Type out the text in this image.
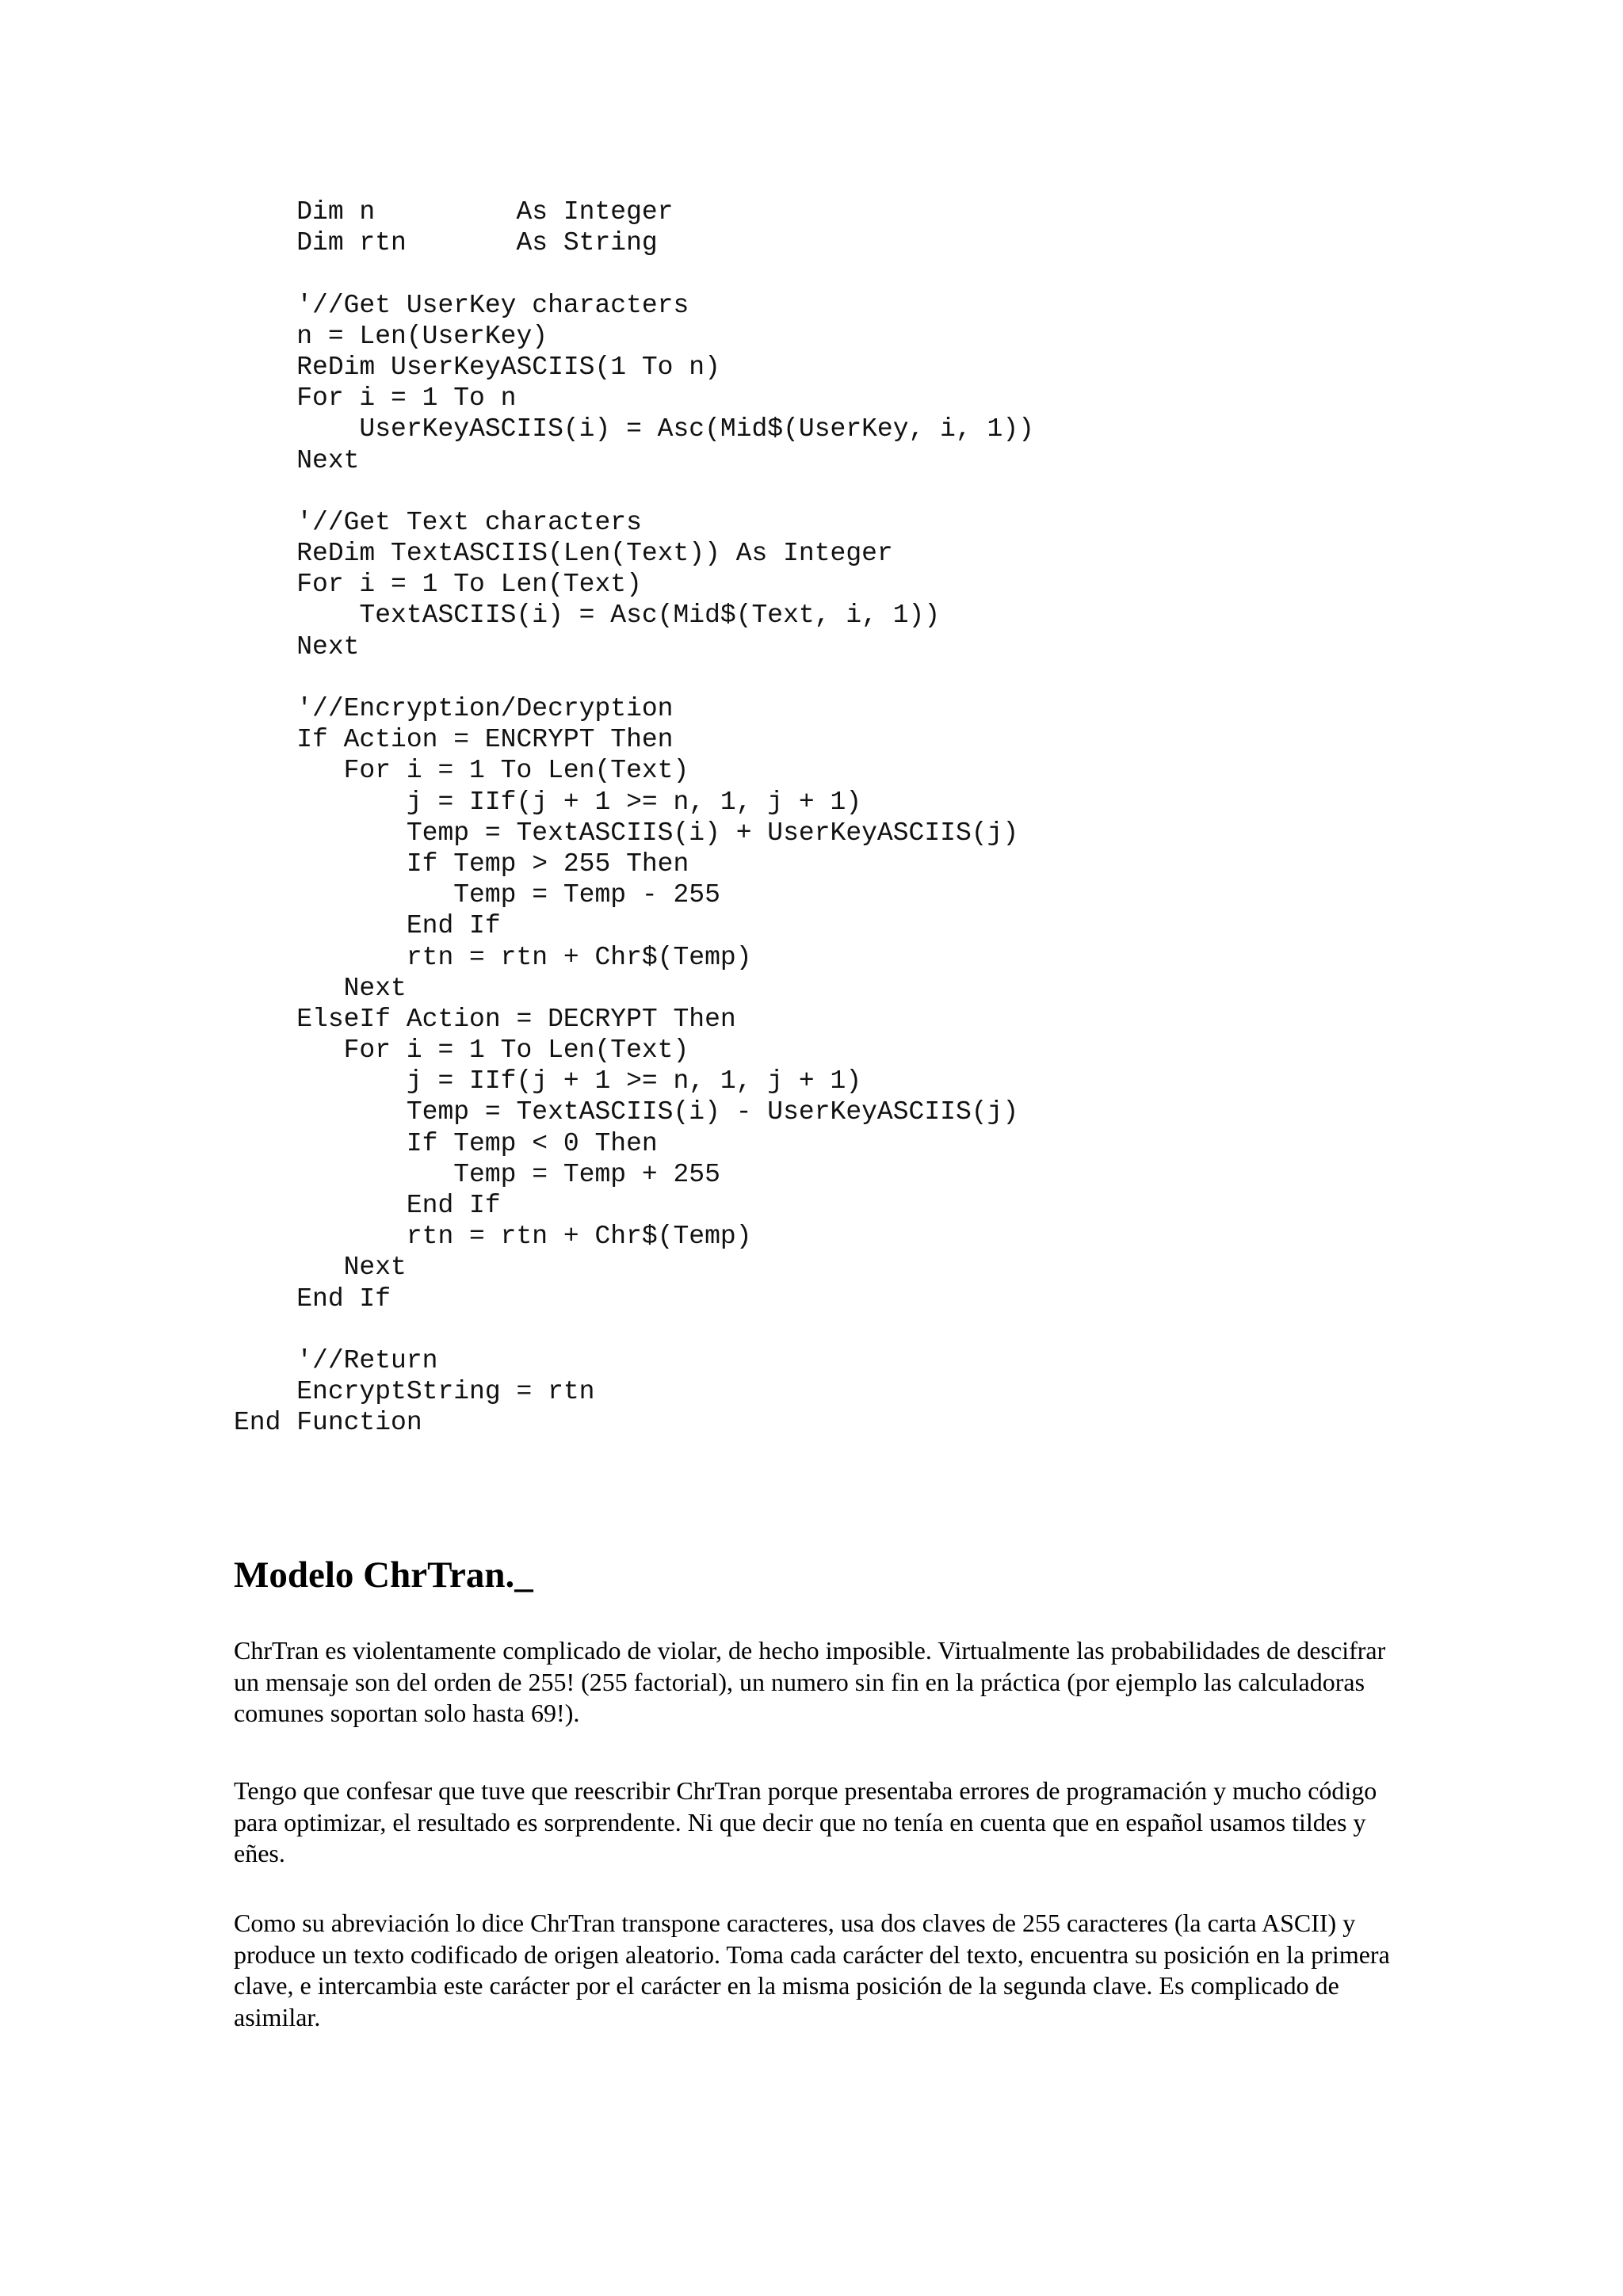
Dim n         As Integer
Dim rtn       As String
'//Get UserKey characters
n = Len(UserKey)
ReDim UserKeyASCIIS(1 To n)
For i = 1 To n
UserKeyASCIIS(i) = Asc(Mid$(UserKey, i, 1))
Next
'//Get Text characters
ReDim TextASCIIS(Len(Text)) As Integer
For i = 1 To Len(Text)
TextASCIIS(i) = Asc(Mid$(Text, i, 1))
Next
'//Encryption/Decryption
If Action = ENCRYPT Then
For i = 1 To Len(Text)
j = IIf(j + 1 >= n, 1, j + 1)
Temp = TextASCIIS(i) + UserKeyASCIIS(j)
If Temp > 255 Then
Temp = Temp - 255
End If
rtn = rtn + Chr$(Temp)
Next
ElseIf Action = DECRYPT Then
For i = 1 To Len(Text)
j = IIf(j + 1 >= n, 1, j + 1)
Temp = TextASCIIS(i) - UserKeyASCIIS(j)
If Temp < 0 Then
Temp = Temp + 255
End If
rtn = rtn + Chr$(Temp)
Next
End If
'//Return
EncryptString = rtn
End Function
Modelo ChrTran._

ChrTran es violentamente complicado de violar, de hecho imposible. Virtualmente las probabilidades de descifrar un mensaje son del orden de 255! (255 factorial), un numero sin fin en la práctica (por ejemplo las calculadoras comunes soportan solo hasta 69!).

Tengo que confesar que tuve que reescribir ChrTran porque presentaba errores de programación y mucho código para optimizar, el resultado es sorprendente. Ni que decir que no tenía en cuenta que en español usamos tildes y eñes.

Como su abreviación lo dice ChrTran transpone caracteres, usa dos claves de 255 caracteres (la carta ASCII) y produce un texto codificado de origen aleatorio. Toma cada carácter del texto, encuentra su posición en la primera clave, e intercambia este carácter por el carácter en la misma posición de la segunda clave. Es complicado de asimilar.
